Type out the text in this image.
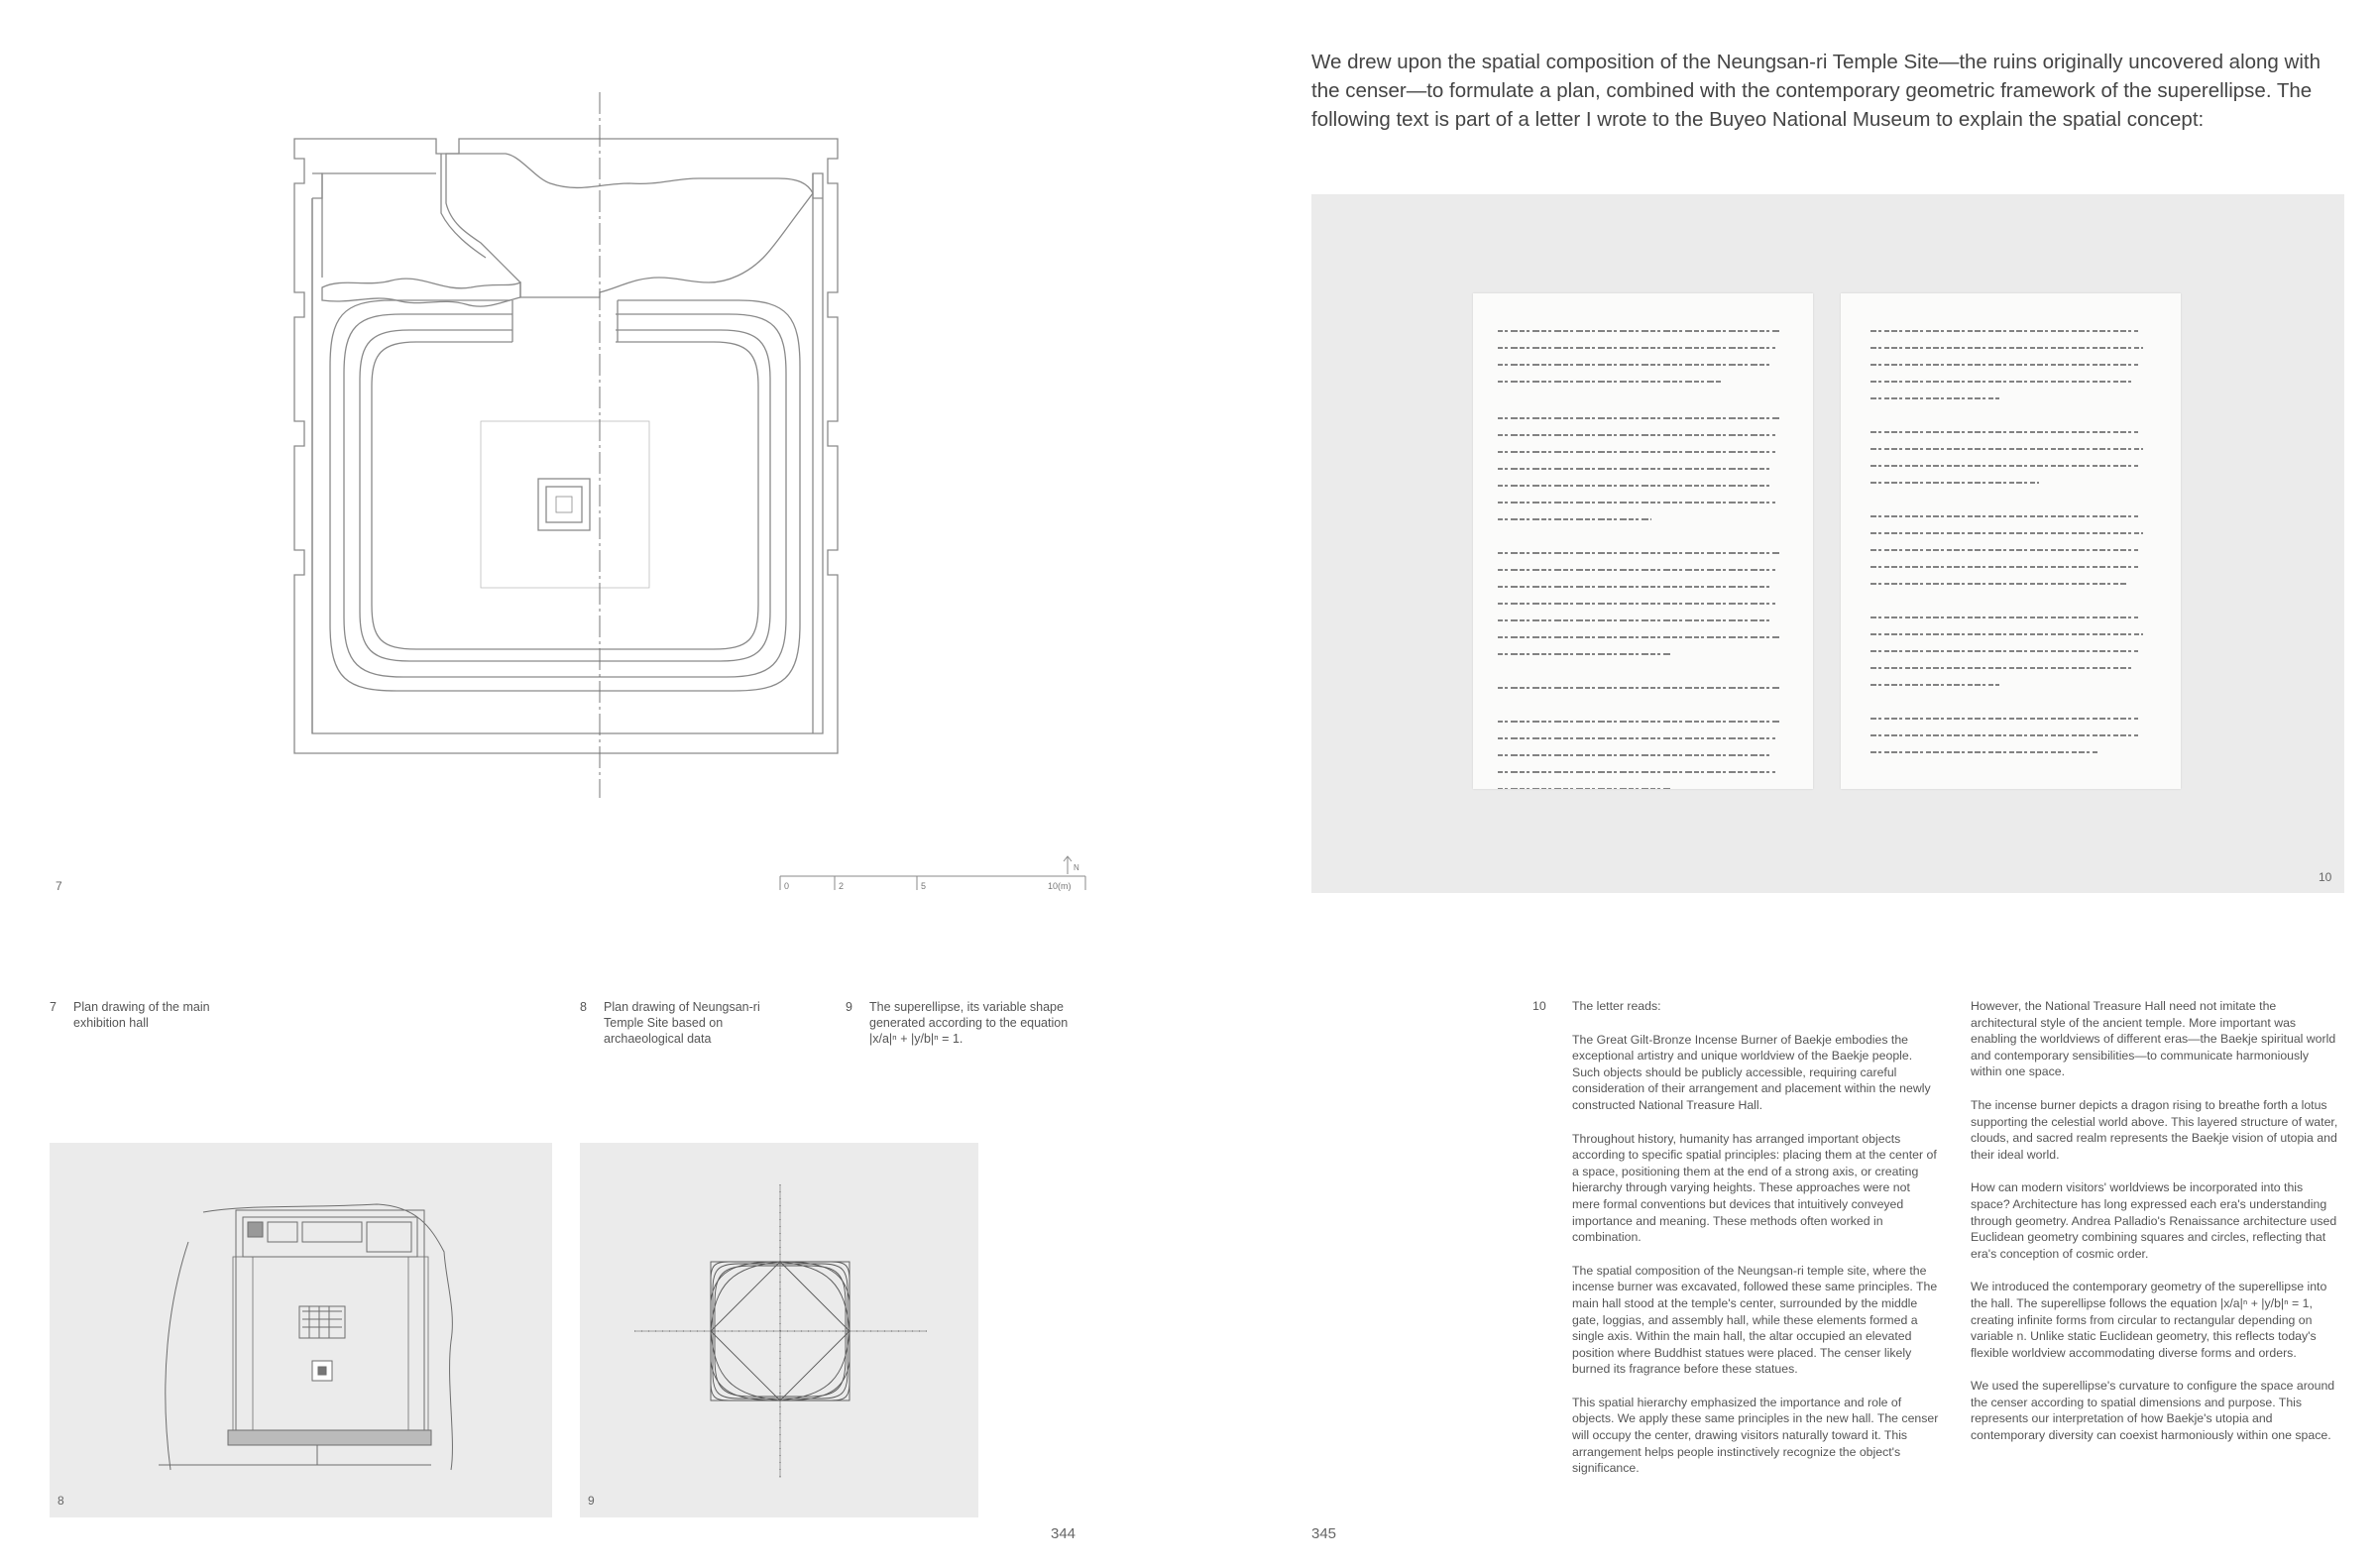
7	0	2	5	10(m)
N
7 Plan drawing of the main exhibition hall
8 Plan drawing of Neungsan-ri Temple Site based on archaeological data
9 The superellipse, its variable shape generated according to the equation |x/a|ⁿ + |y/b|ⁿ = 1.
8	9
344
We drew upon the spatial composition of the Neungsan-ri Temple Site—the ruins originally uncovered along with the censer—to formulate a plan, combined with the contemporary geometric framework of the superellipse. The following text is part of a letter I wrote to the Buyeo National Museum to explain the spatial concept:
10
10 The letter reads:

The Great Gilt-Bronze Incense Burner of Baekje embodies the exceptional artistry and unique worldview of the Baekje people. Such objects should be publicly accessible, requiring careful consideration of their arrangement and placement within the newly constructed National Treasure Hall.

Throughout history, humanity has arranged important objects according to specific spatial principles: placing them at the center of a space, positioning them at the end of a strong axis, or creating hierarchy through varying heights. These approaches were not mere formal conventions but devices that intuitively conveyed importance and meaning. These methods often worked in combination.

The spatial composition of the Neungsan-ri temple site, where the incense burner was excavated, followed these same principles. The main hall stood at the temple's center, surrounded by the middle gate, loggias, and assembly hall, while these elements formed a single axis. Within the main hall, the altar occupied an elevated position where Buddhist statues were placed. The censer likely burned its fragrance before these statues.

This spatial hierarchy emphasized the importance and role of objects. We apply these same principles in the new hall. The censer will occupy the center, drawing visitors naturally toward it. This arrangement helps people instinctively recognize the object's significance.

However, the National Treasure Hall need not imitate the architectural style of the ancient temple. More important was enabling the worldviews of different eras—the Baekje spiritual world and contemporary sensibilities—to communicate harmoniously within one space.

The incense burner depicts a dragon rising to breathe forth a lotus supporting the celestial world above. This layered structure of water, clouds, and sacred realm represents the Baekje vision of utopia and their ideal world.

How can modern visitors' worldviews be incorporated into this space? Architecture has long expressed each era's understanding through geometry. Andrea Palladio's Renaissance architecture used Euclidean geometry combining squares and circles, reflecting that era's conception of cosmic order.

We introduced the contemporary geometry of the superellipse into the hall. The superellipse follows the equation |x/a|ⁿ + |y/b|ⁿ = 1, creating infinite forms from circular to rectangular depending on variable n. Unlike static Euclidean geometry, this reflects today's flexible worldview accommodating diverse forms and orders.

We used the superellipse's curvature to configure the space around the censer according to spatial dimensions and purpose. This represents our interpretation of how Baekje's utopia and contemporary diversity can coexist harmoniously within one space.

345
